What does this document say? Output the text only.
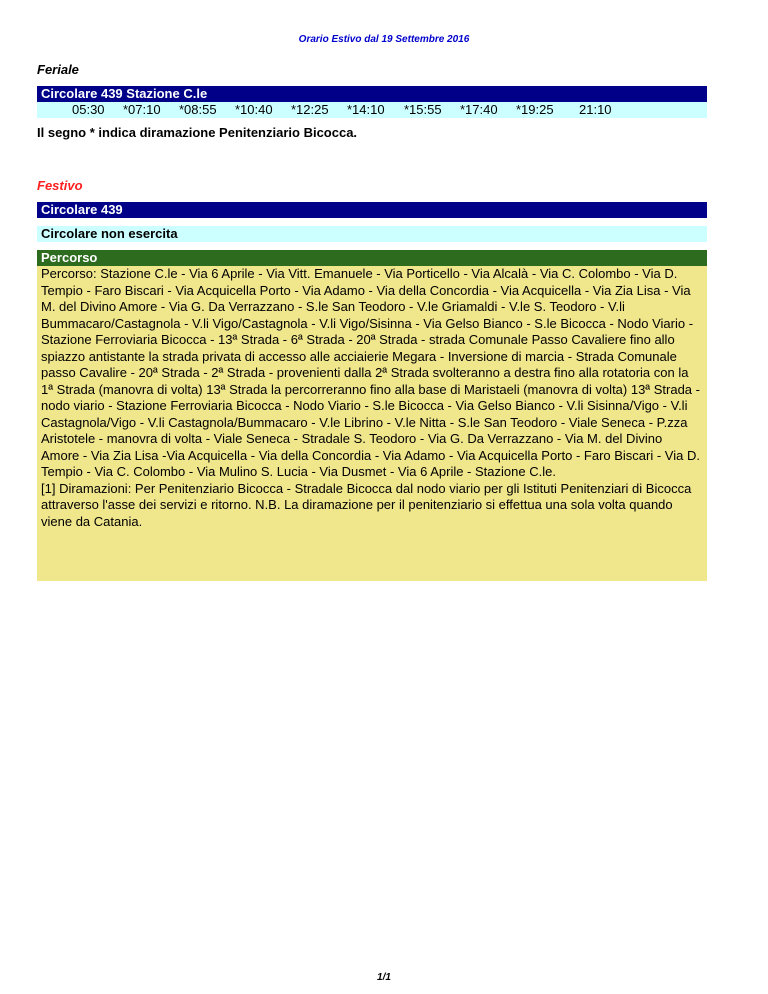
Orario Estivo dal 19 Settembre 2016
Feriale
Circolare 439 Stazione C.le
05:30 *07:10 *08:55 *10:40 *12:25 *14:10 *15:55 *17:40 *19:25 21:10
Il segno * indica diramazione Penitenziario Bicocca.
Festivo
Circolare 439
Circolare non esercita
Percorso

Percorso: Stazione C.le - Via 6 Aprile - Via Vitt. Emanuele - Via Porticello - Via Alcalà - Via C. Colombo - Via D. Tempio - Faro Biscari - Via Acquicella Porto - Via Adamo - Via della Concordia - Via Acquicella - Via Zia Lisa - Via M. del Divino Amore - Via G. Da Verrazzano - S.le San Teodoro - V.le Griamaldi - V.le S. Teodoro - V.li Bummacaro/Castagnola - V.li Vigo/Castagnola - V.li Vigo/Sisinna - Via Gelso Bianco - S.le Bicocca - Nodo Viario - Stazione Ferroviaria Bicocca - 13ª Strada - 6ª Strada - 20ª Strada - strada Comunale Passo Cavaliere fino allo spiazzo antistante la strada privata di accesso alle acciaierie Megara - Inversione di marcia - Strada Comunale passo Cavalire - 20ª Strada - 2ª Strada - provenienti dalla 2ª Strada svolteranno a destra fino alla rotatoria con la 1ª Strada (manovra di volta) 13ª Strada la percorreranno fino alla base di Maristaeli (manovra di volta) 13ª Strada - nodo viario - Stazione Ferroviaria Bicocca - Nodo Viario - S.le Bicocca - Via Gelso Bianco - V.li Sisinna/Vigo - V.li Castagnola/Vigo - V.li Castagnola/Bummacaro - V.le Librino - V.le Nitta - S.le San Teodoro - Viale Seneca - P.zza Aristotele - manovra di volta - Viale Seneca - Stradale S. Teodoro - Via G. Da Verrazzano - Via M. del Divino Amore - Via Zia Lisa -Via Acquicella - Via della Concordia - Via Adamo - Via Acquicella Porto - Faro Biscari - Via D. Tempio - Via C. Colombo - Via Mulino S. Lucia - Via Dusmet - Via 6 Aprile - Stazione C.le.

[1] Diramazioni: Per Penitenziario Bicocca - Stradale Bicocca dal nodo viario per gli Istituti Penitenziari di Bicocca attraverso l'asse dei servizi e ritorno. N.B. La diramazione per il penitenziario si effettua una sola volta quando viene da Catania.

1/1
